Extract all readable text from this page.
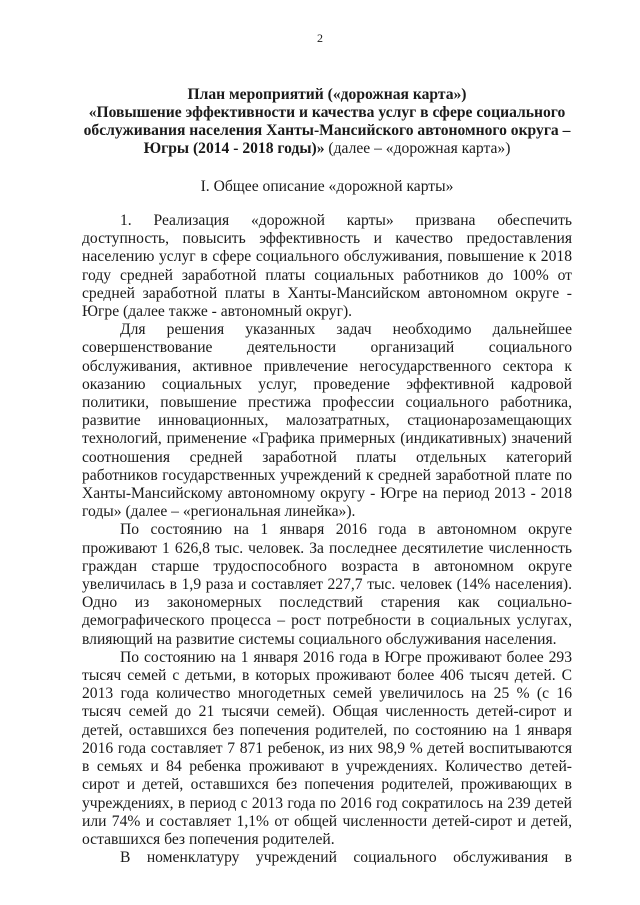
2
План мероприятий («дорожная карта»)
«Повышение эффективности и качества услуг в сфере социального обслуживания населения Ханты-Мансийского автономного округа – Югры (2014 - 2018 годы)» (далее – «дорожная карта»)
I. Общее описание «дорожной карты»

1. Реализация «дорожной карты» призвана обеспечить доступность, повысить эффективность и качество предоставления населению услуг в сфере социального обслуживания, повышение к 2018 году средней заработной платы социальных работников до 100% от средней заработной платы в Ханты-Мансийском автономном округе - Югре (далее также - автономный округ).

Для решения указанных задач необходимо дальнейшее совершенствование деятельности организаций социального обслуживания, активное привлечение негосударственного сектора к оказанию социальных услуг, проведение эффективной кадровой политики, повышение престижа профессии социального работника, развитие инновационных, малозатратных, стационарозамещающих технологий, применение «Графика примерных (индикативных) значений соотношения средней заработной платы отдельных категорий работников государственных учреждений к средней заработной плате по Ханты-Мансийскому автономному округу - Югре на период 2013 - 2018 годы» (далее – «региональная линейка»).

По состоянию на 1 января 2016 года в автономном округе проживают 1 626,8 тыс. человек. За последнее десятилетие численность граждан старше трудоспособного возраста в автономном округе увеличилась в 1,9 раза и составляет 227,7 тыс. человек (14% населения). Одно из закономерных последствий старения как социально-демографического процесса – рост потребности в социальных услугах, влияющий на развитие системы социального обслуживания населения.

По состоянию на 1 января 2016 года в Югре проживают более 293 тысяч семей с детьми, в которых проживают более 406 тысяч детей. С 2013 года количество многодетных семей увеличилось на 25 % (с 16 тысяч семей до 21 тысячи семей). Общая численность детей-сирот и детей, оставшихся без попечения родителей, по состоянию на 1 января 2016 года составляет 7 871 ребенок, из них 98,9 % детей воспитываются в семьях и 84 ребенка проживают в учреждениях. Количество детей-сирот и детей, оставшихся без попечения родителей, проживающих в учреждениях, в период с 2013 года по 2016 год сократилось на 239 детей или 74% и составляет 1,1% от общей численности детей-сирот и детей, оставшихся без попечения родителей.

В номенклатуру учреждений социального обслуживания в
